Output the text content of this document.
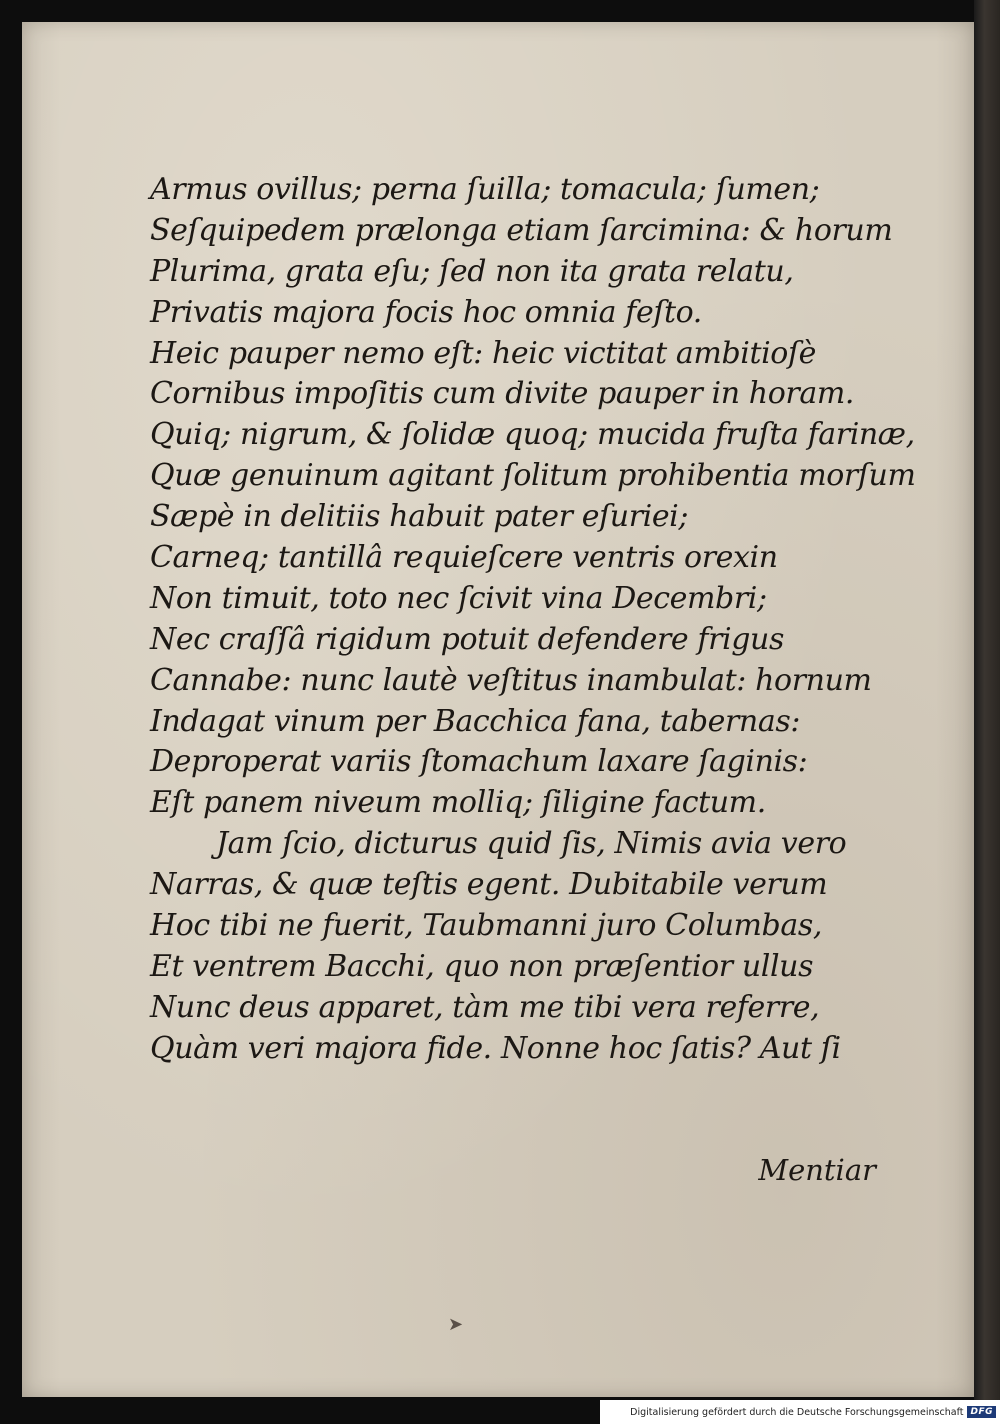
Armus ovillus; perna ſuilla; tomacula; ſumen;
Seſquipedem prælonga etiam ſarcimina: & horum
Plurima, grata eſu; ſed non ita grata relatu,
Privatis majora focis hoc omnia feſto.
Heic pauper nemo eſt: heic victitat ambitioſè
Cornibus impoſitis cum divite pauper in horam.
Quiq; nigrum, & ſolidæ quoq; mucida fruſta farinæ,
Quæ genuinum agitant ſolitum prohibentia morſum
Sæpè in delitiis habuit pater eſuriei;
Carneq; tantillâ requieſcere ventris orexin
Non timuit, toto nec ſcivit vina Decembri;
Nec craſſâ rigidum potuit defendere frigus
Cannabe: nunc lautè veſtitus inambulat: hornum
Indagat vinum per Bacchica fana, tabernas:
Deproperat variis ſtomachum laxare ſaginis:
Eſt panem niveum molliq; ſiligine factum.
Jam ſcio, dicturus quid ſis, Nimis avia vero
Narras, & quæ teſtis egent. Dubitabile verum
Hoc tibi ne fuerit, Taubmanni juro Columbas,
Et ventrem Bacchi, quo non præſentior ullus
Nunc deus apparet, tàm me tibi vera referre,
Quàm veri majora fide. Nonne hoc ſatis? Aut ſi
Mentiar
➤
Digitalisierung gefördert durch die Deutsche Forschungsgemeinschaft DFG
